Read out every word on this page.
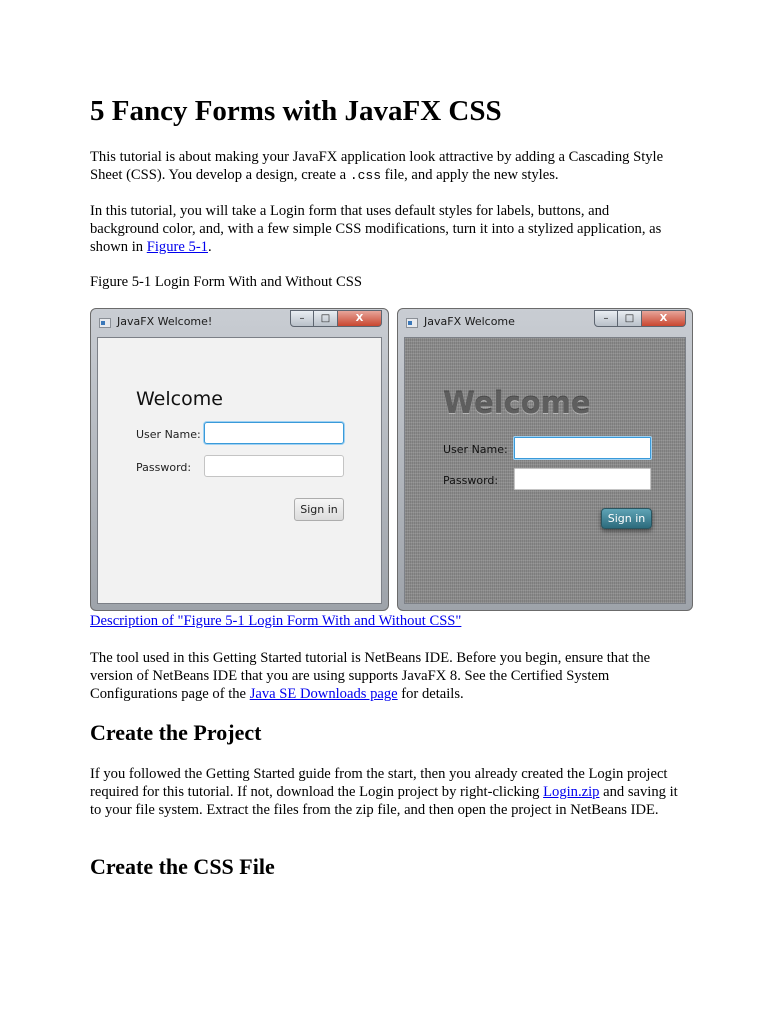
5 Fancy Forms with JavaFX CSS

This tutorial is about making your JavaFX application look attractive by adding a Cascading Style Sheet (CSS). You develop a design, create a .css file, and apply the new styles.

In this tutorial, you will take a Login form that uses default styles for labels, buttons, and background color, and, with a few simple CSS modifications, turn it into a stylized application, as shown in Figure 5-1.

Figure 5-1 Login Form With and Without CSS

Description of "Figure 5-1 Login Form With and Without CSS"

The tool used in this Getting Started tutorial is NetBeans IDE. Before you begin, ensure that the version of NetBeans IDE that you are using supports JavaFX 8. See the Certified System Configurations page of the Java SE Downloads page for details.

Create the Project

If you followed the Getting Started guide from the start, then you already created the Login project required for this tutorial. If not, download the Login project by right-clicking Login.zip and saving it to your file system. Extract the files from the zip file, and then open the project in NetBeans IDE.

Create the CSS File
JavaFX Welcome!	–	□	X
Welcome
User Name:
Password:
Sign in
JavaFX Welcome	–	□	X
Welcome
User Name:
Password:
Sign in
